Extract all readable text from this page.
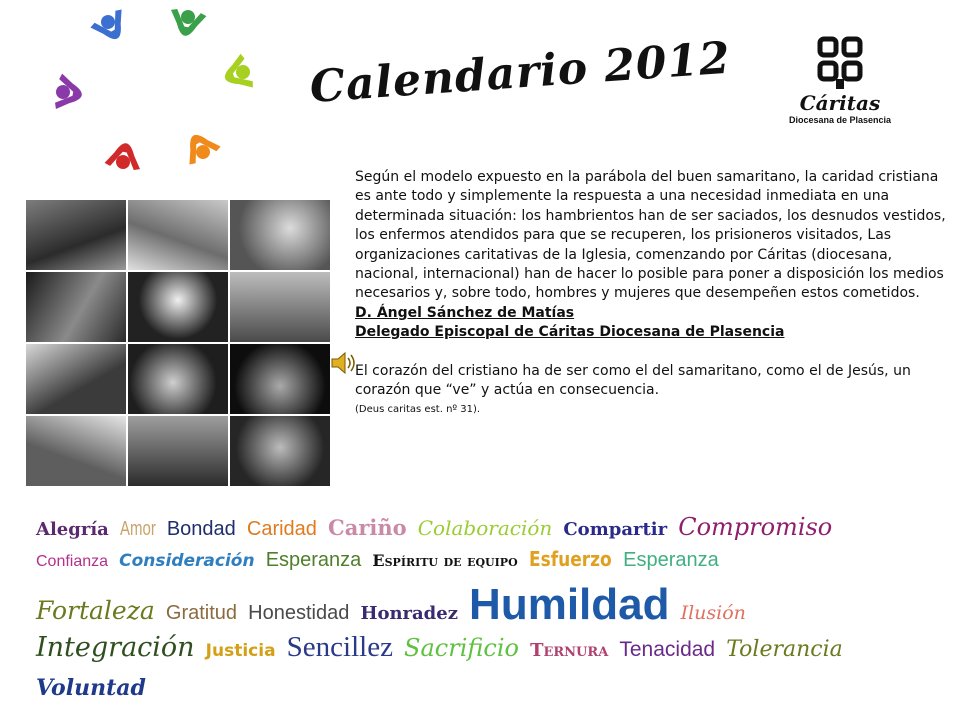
Calendario 2012	Cáritas
Diocesana de Plasencia

Según el modelo expuesto en la parábola del buen samaritano, la caridad cristiana es ante todo y simplemente la respuesta a una necesidad inmediata en una determinada situación: los hambrientos han de ser saciados, los desnudos vestidos, los enfermos atendidos para que se recuperen, los prisioneros visitados, Las organizaciones caritativas de la Iglesia, comenzando por Cáritas (diocesana, nacional, internacional) han de hacer lo posible para poner a disposición los medios necesarios y, sobre todo, hombres y mujeres que desempeñen estos cometidos.

D. Ángel Sánchez de Matías

Delegado Episcopal de Cáritas Diocesana de Plasencia

El corazón del cristiano ha de ser como el del samaritano, como el de Jesús, un corazón que “ve” y actúa en consecuencia.

(Deus caritas est. nº 31).

Alegría Amor Bondad Caridad Cariño Colaboración Compartir Compromiso
Confianza Consideración Esperanza Espíritu de equipo Esfuerzo Esperanza
Fortaleza Gratitud Honestidad Honradez Humildad Ilusión
Integración Justicia Sencillez Sacrificio Ternura Tenacidad Tolerancia
Voluntad
